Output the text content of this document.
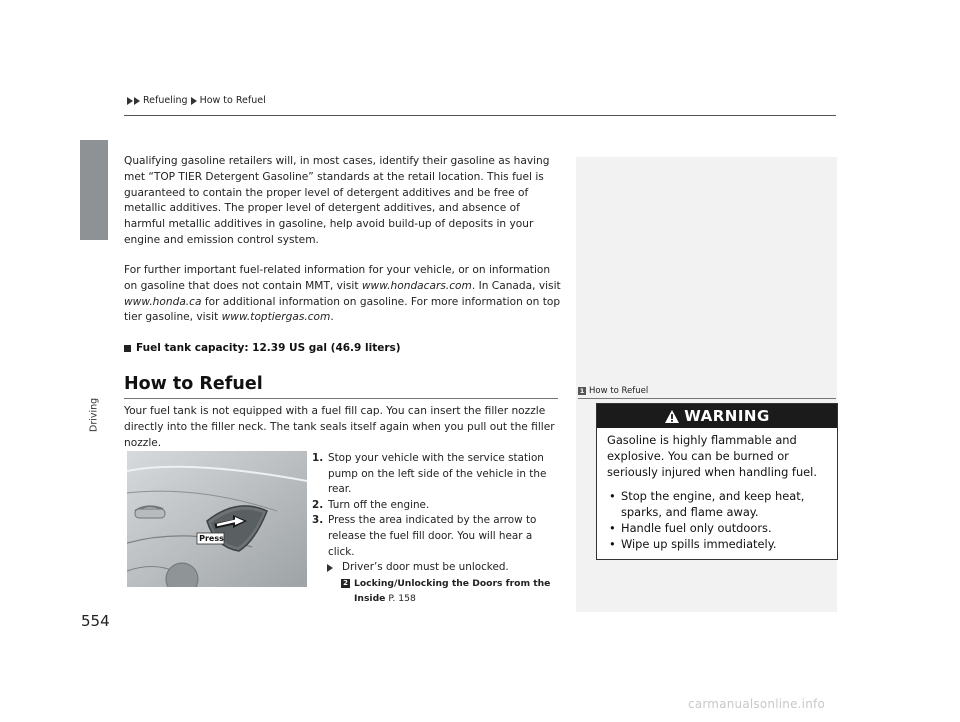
Driving
554
Refueling How to Refuel

Qualifying gasoline retailers will, in most cases, identify their gasoline as having met “TOP TIER Detergent Gasoline” standards at the retail location. This fuel is guaranteed to contain the proper level of detergent additives and be free of metallic additives. The proper level of detergent additives, and absence of harmful metallic additives in gasoline, help avoid build-up of deposits in your engine and emission control system.

For further important fuel-related information for your vehicle, or on information on gasoline that does not contain MMT, visit www.hondacars.com. In Canada, visit www.honda.ca for additional information on gasoline. For more information on top tier gasoline, visit www.toptiergas.com.

Fuel tank capacity: 12.39 US gal (46.9 liters)
How to Refuel

Your fuel tank is not equipped with a fuel fill cap. You can insert the filler nozzle directly into the filler neck. The tank seals itself again when you pull out the filler nozzle.

Press
1. Stop your vehicle with the service station pump on the left side of the vehicle in the rear.
2. Turn off the engine.
3. Press the area indicated by the arrow to release the fuel fill door. You will hear a click.
Driver’s door must be unlocked.
2 Locking/Unlocking the Doors from the Inside P. 158
1 How to Refuel
WARNING

Gasoline is highly flammable and explosive. You can be burned or seriously injured when handling fuel.

• Stop the engine, and keep heat, sparks, and flame away.
• Handle fuel only outdoors.
• Wipe up spills immediately.
carmanualsonline.info
